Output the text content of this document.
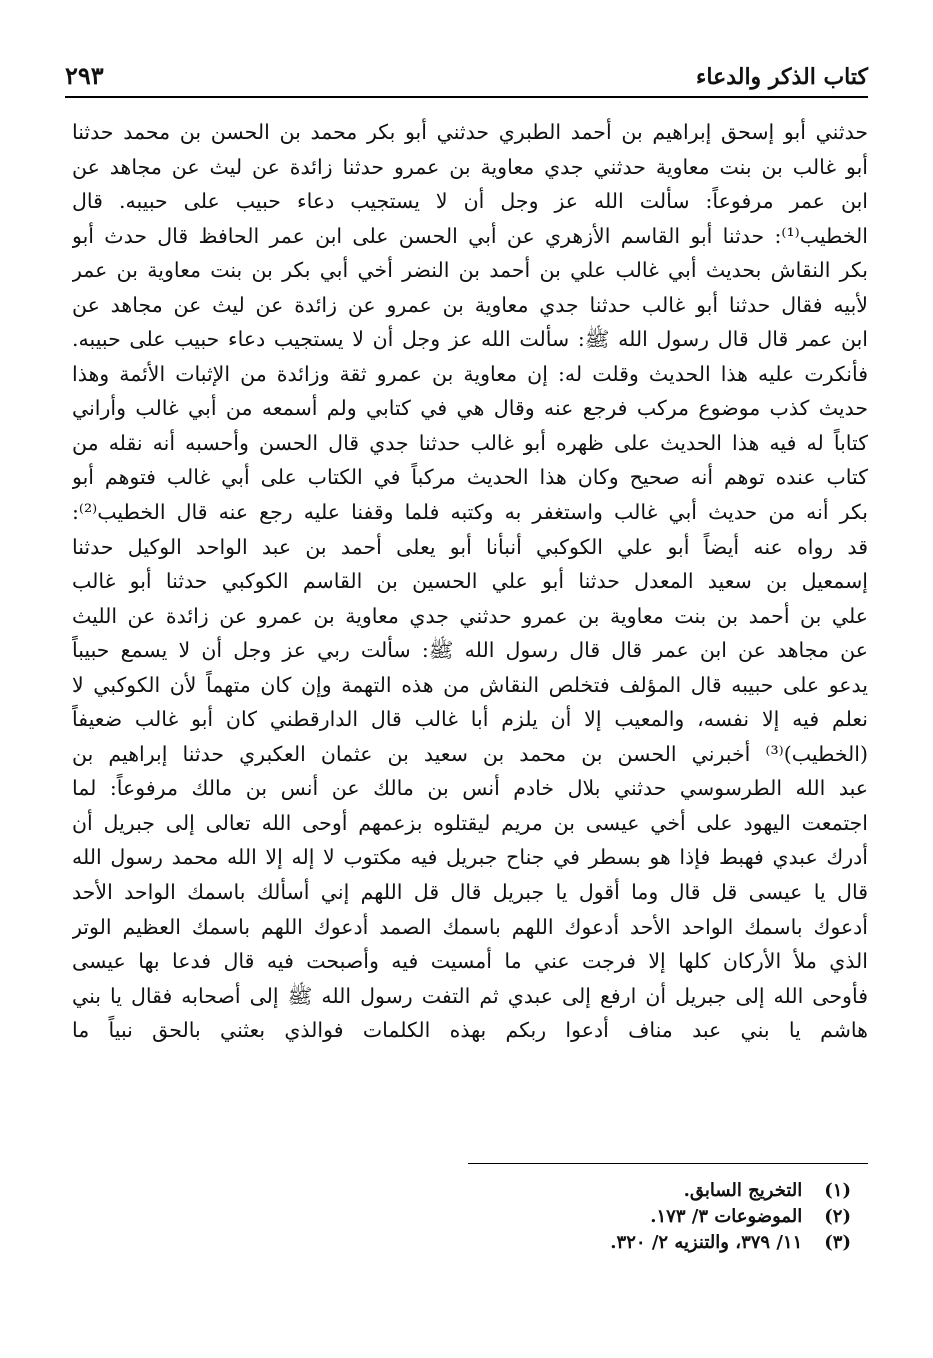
كتاب الذكر والدعاء
٢٩٣
حدثني أبو إسحق إبراهيم بن أحمد الطبري حدثني أبو بكر محمد بن الحسن بن محمد حدثنا
أبو غالب بن بنت معاوية حدثني جدي معاوية بن عمرو حدثنا زائدة عن ليث عن مجاهد عن
ابن عمر مرفوعاً: سألت الله عز وجل أن لا يستجيب دعاء حبيب على حبيبه. قال
الخطيب⁽¹⁾: حدثنا أبو القاسم الأزهري عن أبي الحسن على ابن عمر الحافظ قال حدث أبو
بكر النقاش بحديث أبي غالب علي بن أحمد بن النضر أخي أبي بكر بن بنت معاوية بن عمر
لأبيه فقال حدثنا أبو غالب حدثنا جدي معاوية بن عمرو عن زائدة عن ليث عن مجاهد عن
ابن عمر قال قال رسول الله ﷺ: سألت الله عز وجل أن لا يستجيب دعاء حبيب على حبيبه.
فأنكرت عليه هذا الحديث وقلت له: إن معاوية بن عمرو ثقة وزائدة من الإثبات الأئمة وهذا
حديث كذب موضوع مركب فرجع عنه وقال هي في كتابي ولم أسمعه من أبي غالب وأراني
كتاباً له فيه هذا الحديث على ظهره أبو غالب حدثنا جدي قال الحسن وأحسبه أنه نقله من
كتاب عنده توهم أنه صحيح وكان هذا الحديث مركباً في الكتاب على أبي غالب فتوهم أبو
بكر أنه من حديث أبي غالب واستغفر به وكتبه فلما وقفنا عليه رجع عنه قال الخطيب⁽²⁾:
قد رواه عنه أيضاً أبو علي الكوكبي أنبأنا أبو يعلى أحمد بن عبد الواحد الوكيل حدثنا
إسمعيل بن سعيد المعدل حدثنا أبو علي الحسين بن القاسم الكوكبي حدثنا أبو غالب
علي بن أحمد بن بنت معاوية بن عمرو حدثني جدي معاوية بن عمرو عن زائدة عن الليث
عن مجاهد عن ابن عمر قال قال رسول الله ﷺ: سألت ربي عز وجل أن لا يسمع حبيباً
يدعو على حبيبه قال المؤلف فتخلص النقاش من هذه التهمة وإن كان متهماً لأن الكوكبي لا
نعلم فيه إلا نفسه، والمعيب إلا أن يلزم أبا غالب قال الدارقطني كان أبو غالب ضعيفاً
(الخطيب)⁽³⁾ أخبرني الحسن بن محمد بن سعيد بن عثمان العكبري حدثنا إبراهيم بن
عبد الله الطرسوسي حدثني بلال خادم أنس بن مالك عن أنس بن مالك مرفوعاً: لما
اجتمعت اليهود على أخي عيسى بن مريم ليقتلوه بزعمهم أوحى الله تعالى إلى جبريل أن
أدرك عبدي فهبط فإذا هو بسطر في جناح جبريل فيه مكتوب لا إله إلا الله محمد رسول الله
قال يا عيسى قل قال وما أقول يا جبريل قال قل اللهم إني أسألك باسمك الواحد الأحد
أدعوك باسمك الواحد الأحد أدعوك اللهم باسمك الصمد أدعوك اللهم باسمك العظيم الوتر
الذي ملأ الأركان كلها إلا فرجت عني ما أمسيت فيه وأصبحت فيه قال فدعا بها عيسى
فأوحى الله إلى جبريل أن ارفع إلى عبدي ثم التفت رسول الله ﷺ إلى أصحابه فقال يا بني
هاشم يا بني عبد مناف أدعوا ربكم بهذه الكلمات فوالذي بعثني بالحق نبياً ما
(١)
التخريج السابق.
(٢)
الموضوعات ٣/ ١٧٣.
(٣)
١١/ ٣٧٩، والتنزيه ٢/ ٣٢٠.
